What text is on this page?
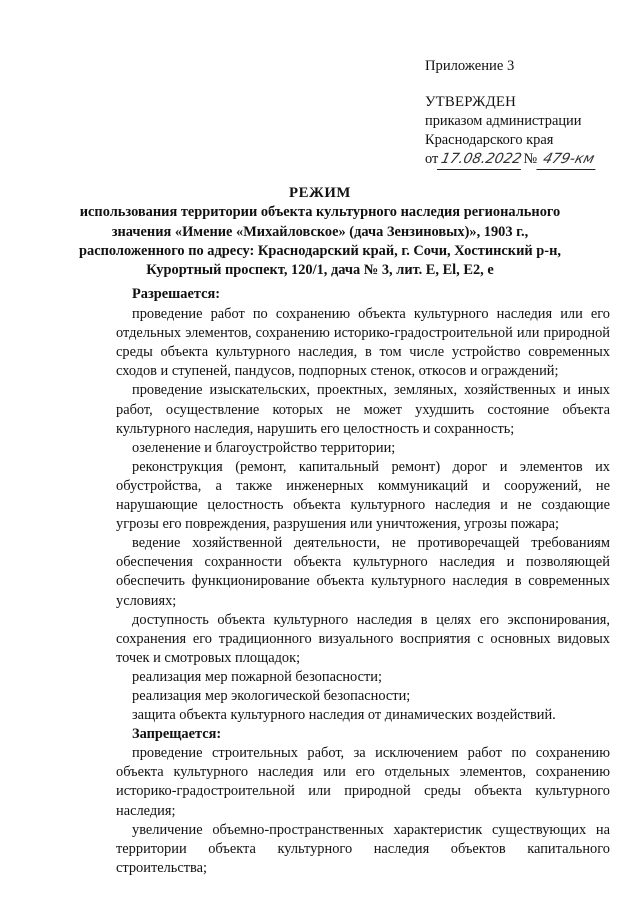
Приложение 3
УТВЕРЖДЕН
приказом администрации
Краснодарского края
от 17.08.2022№ 479-км
РЕЖИМ
использования территории объекта культурного наследия регионального
значения «Имение «Михайловское» (дача Зензиновых)», 1903 г.,
расположенного по адресу: Краснодарский край, г. Сочи, Хостинский р-н,
Курортный проспект, 120/1, дача № 3, лит. Е, El, Е2, е
Разрешается:

проведение работ по сохранению объекта культурного наследия или его отдельных элементов, сохранению историко-градостроительной или природной среды объекта культурного наследия, в том числе устройство современных сходов и ступеней, пандусов, подпорных стенок, откосов и ограждений;

проведение изыскательских, проектных, земляных, хозяйственных и иных работ, осуществление которых не может ухудшить состояние объекта культурного наследия, нарушить его целостность и сохранность;

озеленение и благоустройство территории;

реконструкция (ремонт, капитальный ремонт) дорог и элементов их обустройства, а также инженерных коммуникаций и сооружений, не нарушающие целостность объекта культурного наследия и не создающие угрозы его повреждения, разрушения или уничтожения, угрозы пожара;

ведение хозяйственной деятельности, не противоречащей требованиям обеспечения сохранности объекта культурного наследия и позволяющей обеспечить функционирование объекта культурного наследия в современных условиях;

доступность объекта культурного наследия в целях его экспонирования, сохранения его традиционного визуального восприятия с основных видовых точек и смотровых площадок;

реализация мер пожарной безопасности;

реализация мер экологической безопасности;

защита объекта культурного наследия от динамических воздействий.

Запрещается:

проведение строительных работ, за исключением работ по сохранению объекта культурного наследия или его отдельных элементов, сохранению историко-градостроительной или природной среды объекта культурного наследия;

увеличение объемно-пространственных характеристик существующих на территории объекта культурного наследия объектов капитального строительства;
